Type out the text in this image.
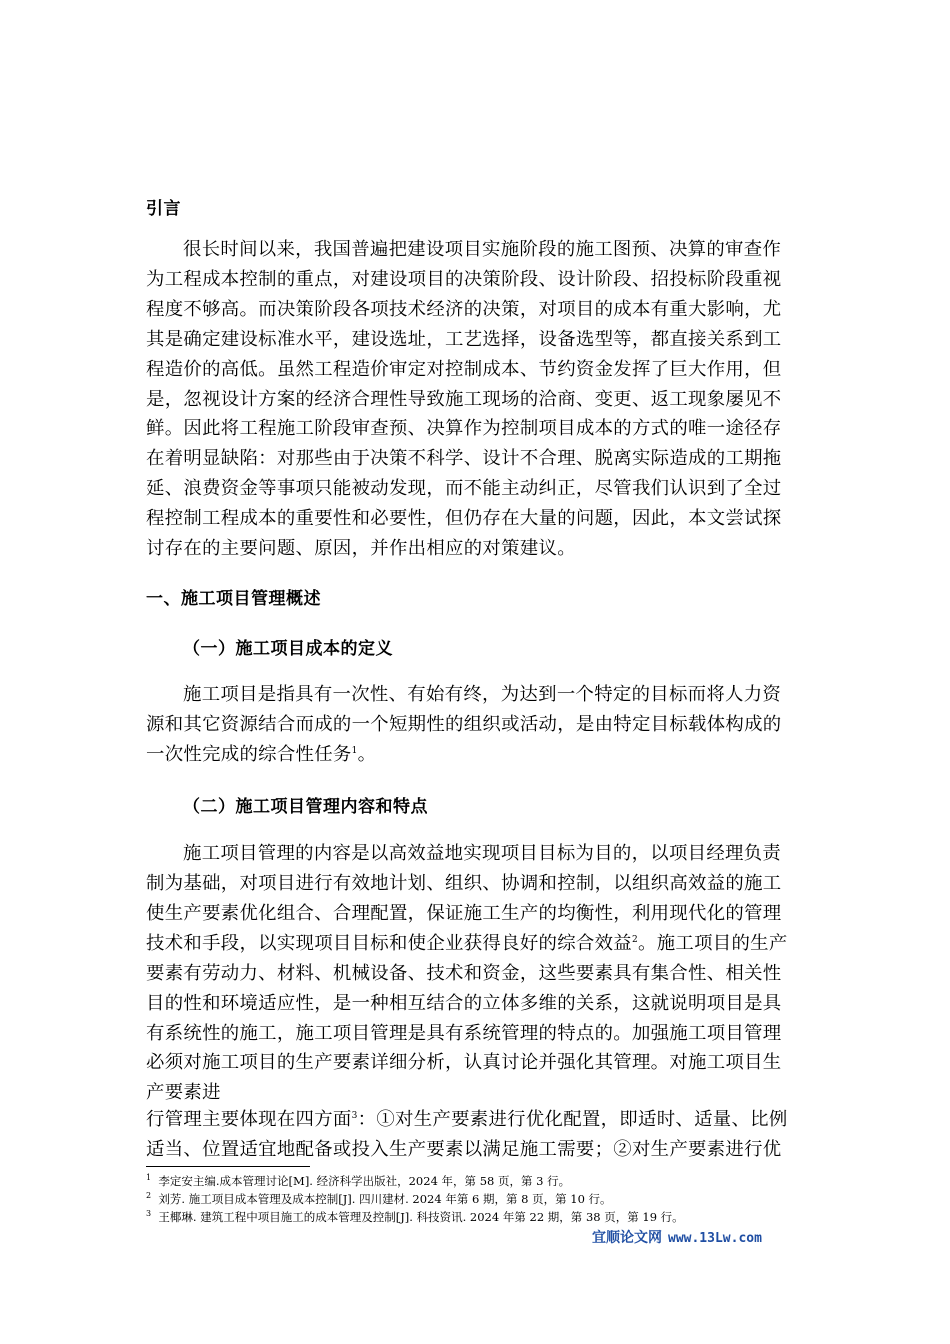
引言
很长时间以来，我国普遍把建设项目实施阶段的施工图预、决算的审查作
为工程成本控制的重点，对建设项目的决策阶段、设计阶段、招投标阶段重视
程度不够高。而决策阶段各项技术经济的决策，对项目的成本有重大影响，尤
其是确定建设标准水平，建设选址，工艺选择，设备选型等，都直接关系到工
程造价的高低。虽然工程造价审定对控制成本、节约资金发挥了巨大作用，但
是，忽视设计方案的经济合理性导致施工现场的洽商、变更、返工现象屡见不
鲜。因此将工程施工阶段审查预、决算作为控制项目成本的方式的唯一途径存
在着明显缺陷：对那些由于决策不科学、设计不合理、脱离实际造成的工期拖
延、浪费资金等事项只能被动发现，而不能主动纠正，尽管我们认识到了全过
程控制工程成本的重要性和必要性，但仍存在大量的问题，因此，本文尝试探
讨存在的主要问题、原因，并作出相应的对策建议。
一、施工项目管理概述
（一）施工项目成本的定义
施工项目是指具有一次性、有始有终，为达到一个特定的目标而将人力资
源和其它资源结合而成的一个短期性的组织或活动，是由特定目标载体构成的
一次性完成的综合性任务$^1$。
（二）施工项目管理内容和特点
施工项目管理的内容是以高效益地实现项目目标为目的，以项目经理负责
制为基础，对项目进行有效地计划、组织、协调和控制，以组织高效益的施工
使生产要素优化组合、合理配置，保证施工生产的均衡性，利用现代化的管理
技术和手段，以实现项目目标和使企业获得良好的综合效益$^2$。施工项目的生产
要素有劳动力、材料、机械设备、技术和资金，这些要素具有集合性、相关性
目的性和环境适应性，是一种相互结合的立体多维的关系，这就说明项目是具
有系统性的施工，施工项目管理是具有系统管理的特点的。加强施工项目管理
必须对施工项目的生产要素详细分析，认真讨论并强化其管理。对施工项目生
产要素进
行管理主要体现在四方面$^3$：①对生产要素进行优化配置，即适时、适量、比例
适当、位置适宜地配备或投入生产要素以满足施工需要；②对生产要素进行优
$^1$ 李定安主编.成本管理讨论[M]. 经济科学出版社，2024 年，第 58 页，第 3 行。
$^2$ 刘芳. 施工项目成本管理及成本控制[J]. 四川建材. 2024 年第 6 期，第 8 页，第 10 行。
$^3$ 王椰琳. 建筑工程中项目施工的成本管理及控制[J]. 科技资讯. 2024 年第 22 期，第 38 页，第 19 行。
宜顺论文网 www.13Lw.com
